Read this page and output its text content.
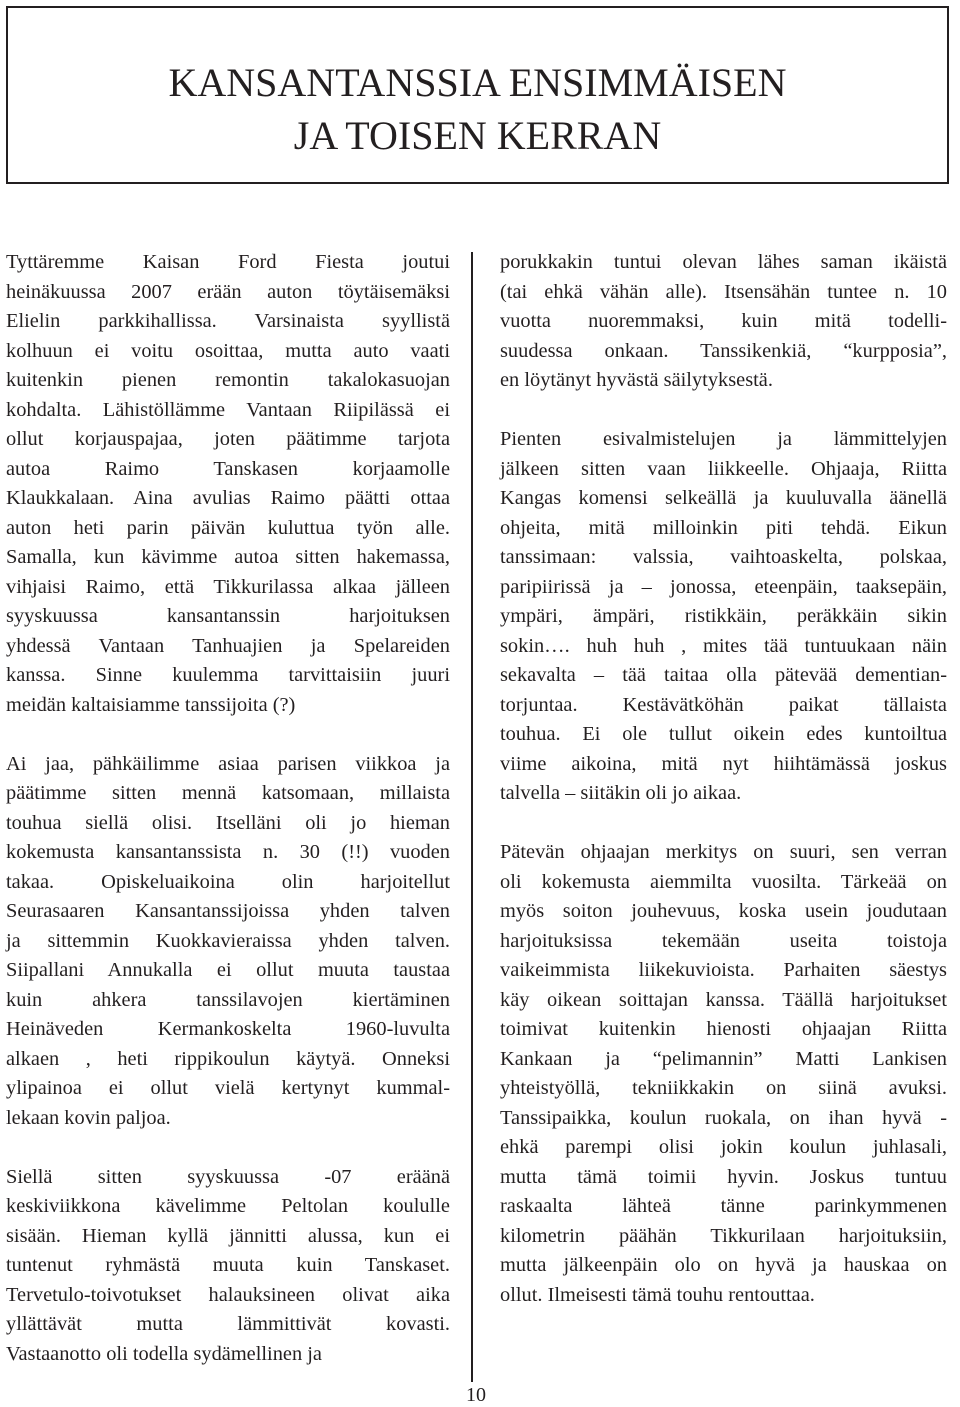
KANSANTANSSIA ENSIMMÄISEN
JA TOISEN KERRAN
Tyttäremme Kaisan Ford Fiesta joutui
heinäkuussa 2007 erään auton töytäisemäksi
Elielin parkkihallissa. Varsinaista syyllistä
kolhuun ei voitu osoittaa, mutta auto vaati
kuitenkin pienen remontin takalokasuojan
kohdalta. Lähistöllämme Vantaan Riipilässä ei
ollut korjauspajaa, joten päätimme tarjota
autoa Raimo Tanskasen korjaamolle
Klaukkalaan. Aina avulias Raimo päätti ottaa
auton heti parin päivän kuluttua työn alle.
Samalla, kun kävimme autoa sitten hakemassa,
vihjaisi Raimo, että Tikkurilassa alkaa jälleen
syyskuussa kansantanssin harjoituksen
yhdessä Vantaan Tanhuajien ja Spelareiden
kanssa. Sinne kuulemma tarvittaisiin juuri
meidän kaltaisiamme tanssijoita (?)
Ai jaa, pähkäilimme asiaa parisen viikkoa ja
päätimme sitten mennä katsomaan, millaista
touhua siellä olisi. Itselläni oli jo hieman
kokemusta kansantanssista n. 30 (!!) vuoden
takaa. Opiskeluaikoina olin harjoitellut
Seurasaaren Kansantanssijoissa yhden talven
ja sittemmin Kuokkavieraissa yhden talven.
Siipallani Annukalla ei ollut muuta taustaa
kuin ahkera tanssilavojen kiertäminen
Heinäveden Kermankoskelta 1960-luvulta
alkaen , heti rippikoulun käytyä. Onneksi
ylipainoa ei ollut vielä kertynyt kummal-
lekaan kovin paljoa.
Siellä sitten syyskuussa -07 eräänä
keskiviikkona kävelimme Peltolan koululle
sisään. Hieman kyllä jännitti alussa, kun ei
tuntenut ryhmästä muuta kuin Tanskaset.
Tervetulo-toivotukset halauksineen olivat aika
yllättävät mutta lämmittivät kovasti.
Vastaanotto oli todella sydämellinen ja
porukkakin tuntui olevan lähes saman ikäistä
(tai ehkä vähän alle). Itsensähän tuntee n. 10
vuotta nuoremmaksi, kuin mitä todelli-
suudessa onkaan. Tanssikenkiä, “kurpposia”,
en löytänyt hyvästä säilytyksestä.
Pienten esivalmistelujen ja lämmittelyjen
jälkeen sitten vaan liikkeelle. Ohjaaja, Riitta
Kangas komensi selkeällä ja kuuluvalla äänellä
ohjeita, mitä milloinkin piti tehdä. Eikun
tanssimaan: valssia, vaihtoaskelta, polskaa,
paripiirissä ja – jonossa, eteenpäin, taaksepäin,
ympäri, ämpäri, ristikkäin, peräkkäin sikin
sokin…. huh huh , mites tää tuntuukaan näin
sekavalta – tää taitaa olla pätevää dementian-
torjuntaa. Kestävätköhän paikat tällaista
touhua. Ei ole tullut oikein edes kuntoiltua
viime aikoina, mitä nyt hiihtämässä joskus
talvella – siitäkin oli jo aikaa.
Pätevän ohjaajan merkitys on suuri, sen verran
oli kokemusta aiemmilta vuosilta. Tärkeää on
myös soiton jouhevuus, koska usein joudutaan
harjoituksissa tekemään useita toistoja
vaikeimmista liikekuvioista. Parhaiten säestys
käy oikean soittajan kanssa. Täällä harjoitukset
toimivat kuitenkin hienosti ohjaajan Riitta
Kankaan ja “pelimannin” Matti Lankisen
yhteistyöllä, tekniikkakin on siinä avuksi.
Tanssipaikka, koulun ruokala, on ihan hyvä -
ehkä parempi olisi jokin koulun juhlasali,
mutta tämä toimii hyvin. Joskus tuntuu
raskaalta lähteä tänne parinkymmenen
kilometrin päähän Tikkurilaan harjoituksiin,
mutta jälkeenpäin olo on hyvä ja hauskaa on
ollut. Ilmeisesti tämä touhu rentouttaa.
10
